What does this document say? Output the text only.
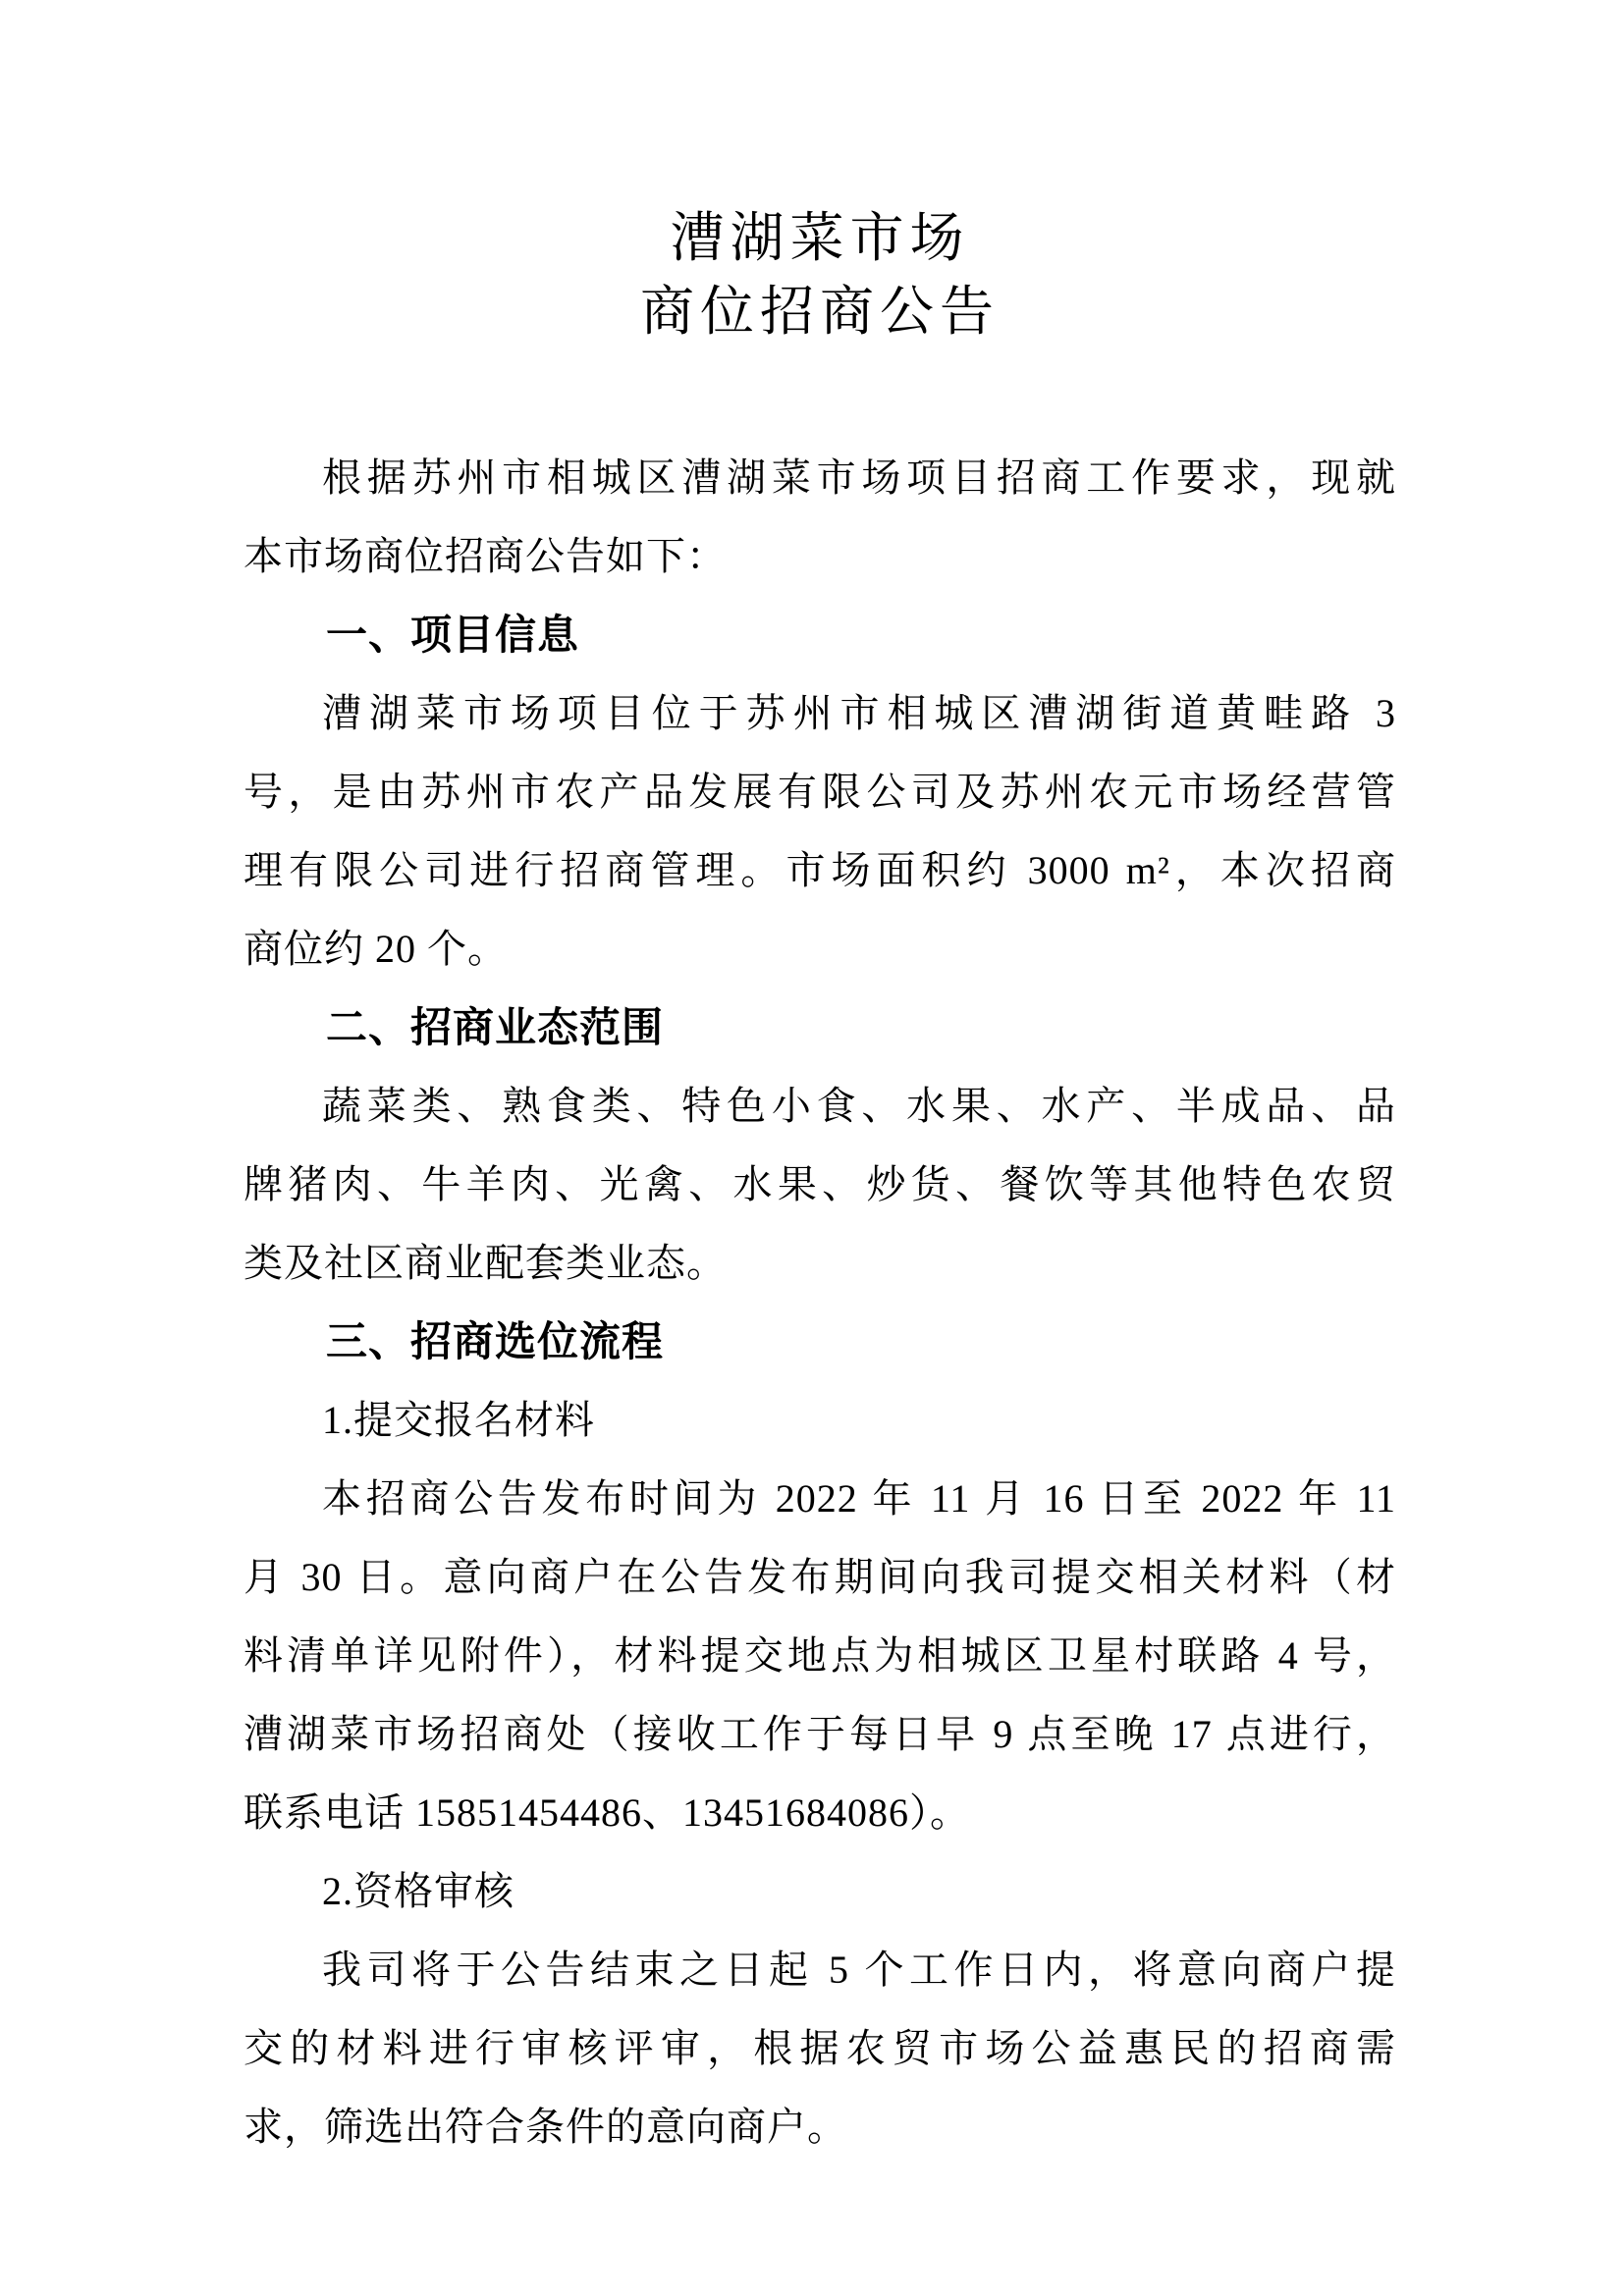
漕湖菜市场
商位招商公告
根据苏州市相城区漕湖菜市场项目招商工作要求，现就
本市场商位招商公告如下：
一、项目信息
漕湖菜市场项目位于苏州市相城区漕湖街道黄畦路 3
号，是由苏州市农产品发展有限公司及苏州农元市场经营管
理有限公司进行招商管理。市场面积约 3000 m²，本次招商
商位约 20 个。
二、招商业态范围
蔬菜类、熟食类、特色小食、水果、水产、半成品、品
牌猪肉、牛羊肉、光禽、水果、炒货、餐饮等其他特色农贸
类及社区商业配套类业态。
三、招商选位流程
1.提交报名材料
本招商公告发布时间为 2022 年 11 月 16 日至 2022 年 11
月 30 日。意向商户在公告发布期间向我司提交相关材料（材
料清单详见附件），材料提交地点为相城区卫星村联路 4 号，
漕湖菜市场招商处（接收工作于每日早 9 点至晚 17 点进行，
联系电话 15851454486、13451684086）。
2.资格审核
我司将于公告结束之日起 5 个工作日内，将意向商户提
交的材料进行审核评审，根据农贸市场公益惠民的招商需
求，筛选出符合条件的意向商户。
